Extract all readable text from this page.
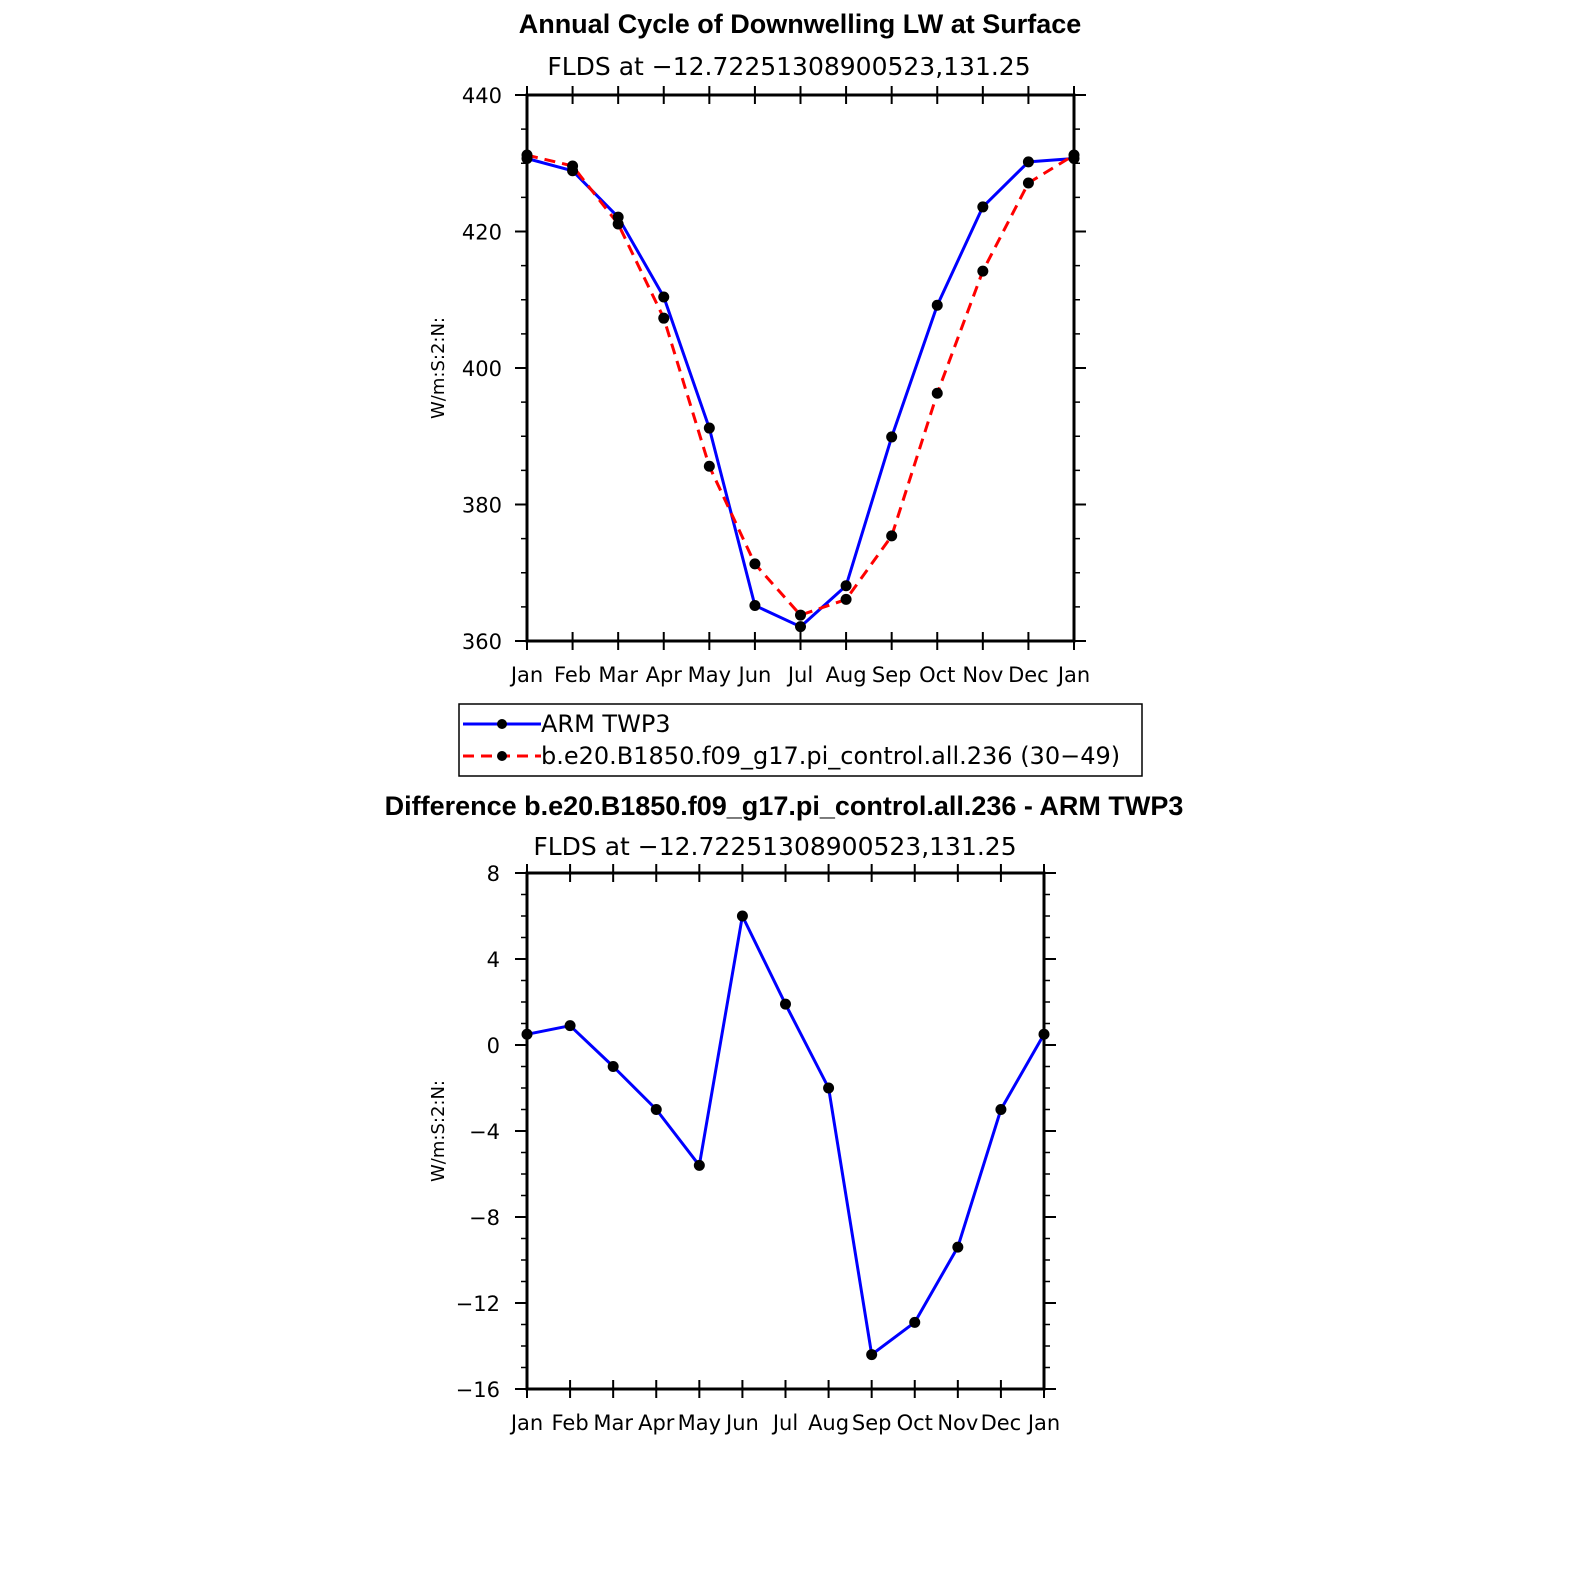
Annual Cycle of Downwelling LW at Surface
FLDS at −12.72251308900523,131.25
W/m:S:2:N:
Jan Feb Mar Apr May Jun Jul Aug Sep Oct Nov Dec Jan
360
380
400
420
440
ARM TWP3
b.e20.B1850.f09_g17.pi_control.all.236 (30−49)
Difference b.e20.B1850.f09_g17.pi_control.all.236 - ARM TWP3
FLDS at −12.72251308900523,131.25
W/m:S:2:N:
Jan Feb Mar Apr May Jun Jul Aug Sep Oct Nov Dec Jan
−16
−12
−8
−4
0
4
8
